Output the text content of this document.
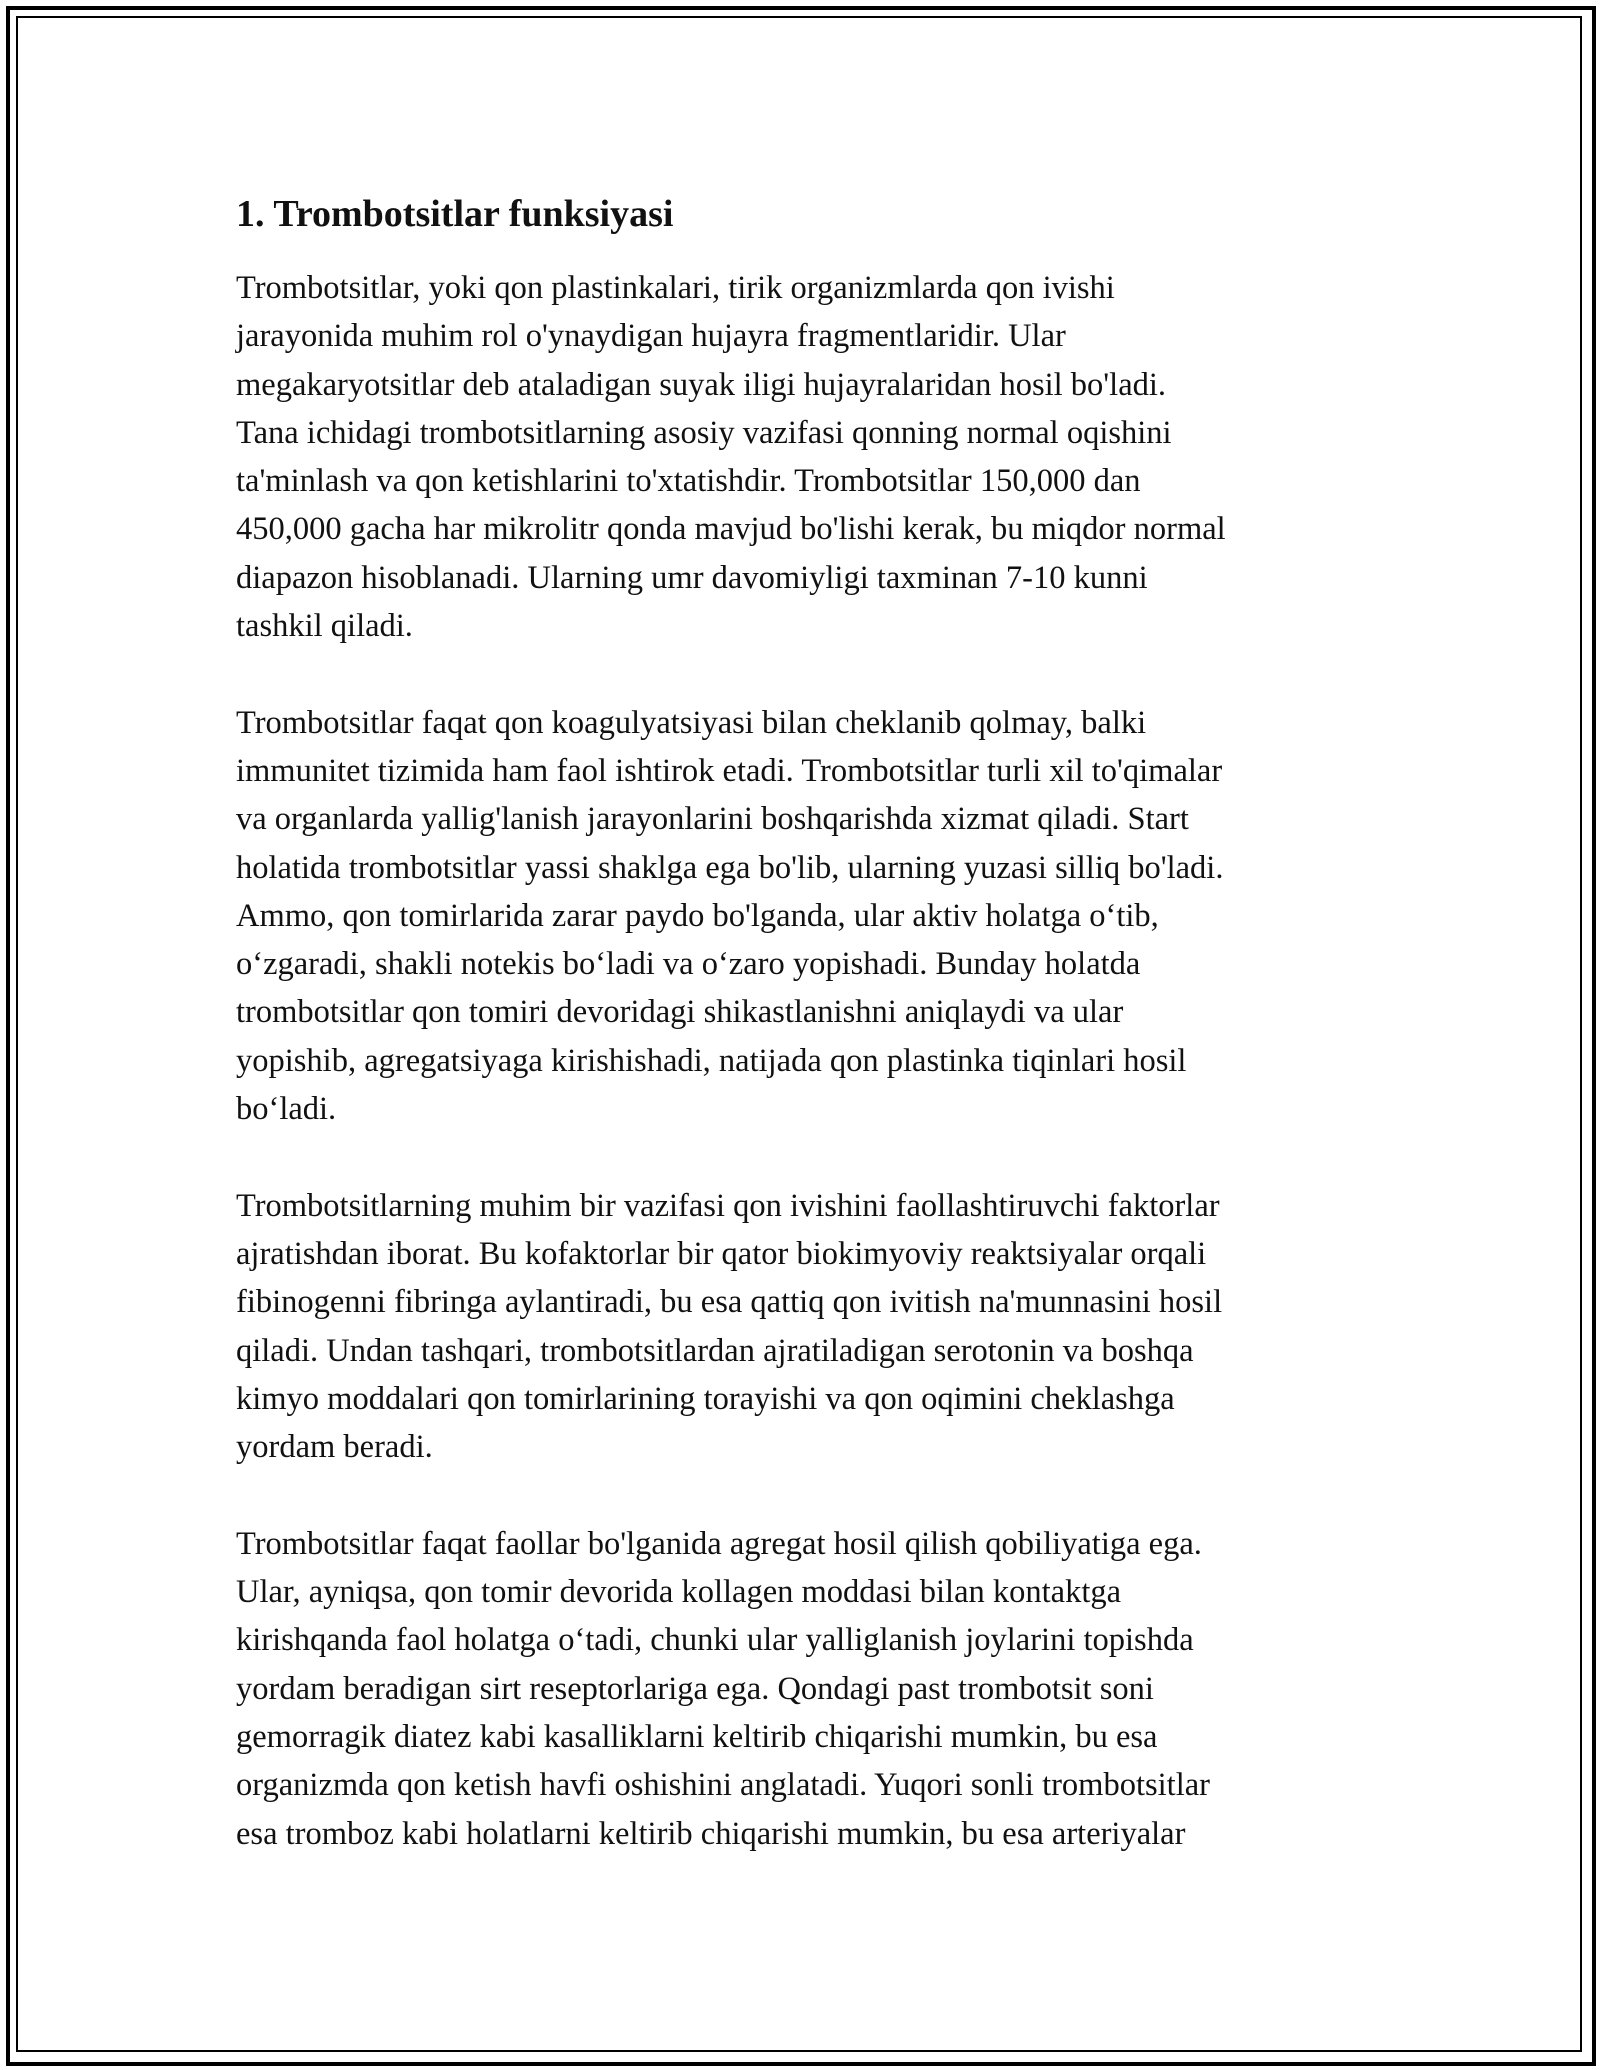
1. Trombotsitlar funksiyasi
Trombotsitlar, yoki qon plastinkalari, tirik organizmlarda qon ivishi
jarayonida muhim rol o'ynaydigan hujayra fragmentlaridir. Ular
megakaryotsitlar deb ataladigan suyak iligi hujayralaridan hosil bo'ladi.
Tana ichidagi trombotsitlarning asosiy vazifasi qonning normal oqishini
ta'minlash va qon ketishlarini to'xtatishdir. Trombotsitlar 150,000 dan
450,000 gacha har mikrolitr qonda mavjud bo'lishi kerak, bu miqdor normal
diapazon hisoblanadi. Ularning umr davomiyligi taxminan 7-10 kunni
tashkil qiladi.
Trombotsitlar faqat qon koagulyatsiyasi bilan cheklanib qolmay, balki
immunitet tizimida ham faol ishtirok etadi. Trombotsitlar turli xil to'qimalar
va organlarda yallig'lanish jarayonlarini boshqarishda xizmat qiladi. Start
holatida trombotsitlar yassi shaklga ega bo'lib, ularning yuzasi silliq bo'ladi.
Ammo, qon tomirlarida zarar paydo bo'lganda, ular aktiv holatga o‘tib,
o‘zgaradi, shakli notekis bo‘ladi va o‘zaro yopishadi. Bunday holatda
trombotsitlar qon tomiri devoridagi shikastlanishni aniqlaydi va ular
yopishib, agregatsiyaga kirishishadi, natijada qon plastinka tiqinlari hosil
bo‘ladi.
Trombotsitlarning muhim bir vazifasi qon ivishini faollashtiruvchi faktorlar
ajratishdan iborat. Bu kofaktorlar bir qator biokimyoviy reaktsiyalar orqali
fibinogenni fibringa aylantiradi, bu esa qattiq qon ivitish na'munnasini hosil
qiladi. Undan tashqari, trombotsitlardan ajratiladigan serotonin va boshqa
kimyo moddalari qon tomirlarining torayishi va qon oqimini cheklashga
yordam beradi.
Trombotsitlar faqat faollar bo'lganida agregat hosil qilish qobiliyatiga ega.
Ular, ayniqsa, qon tomir devorida kollagen moddasi bilan kontaktga
kirishqanda faol holatga o‘tadi, chunki ular yalliglanish joylarini topishda
yordam beradigan sirt reseptorlariga ega. Qondagi past trombotsit soni
gemorragik diatez kabi kasalliklarni keltirib chiqarishi mumkin, bu esa
organizmda qon ketish havfi oshishini anglatadi. Yuqori sonli trombotsitlar
esa tromboz kabi holatlarni keltirib chiqarishi mumkin, bu esa arteriyalar
